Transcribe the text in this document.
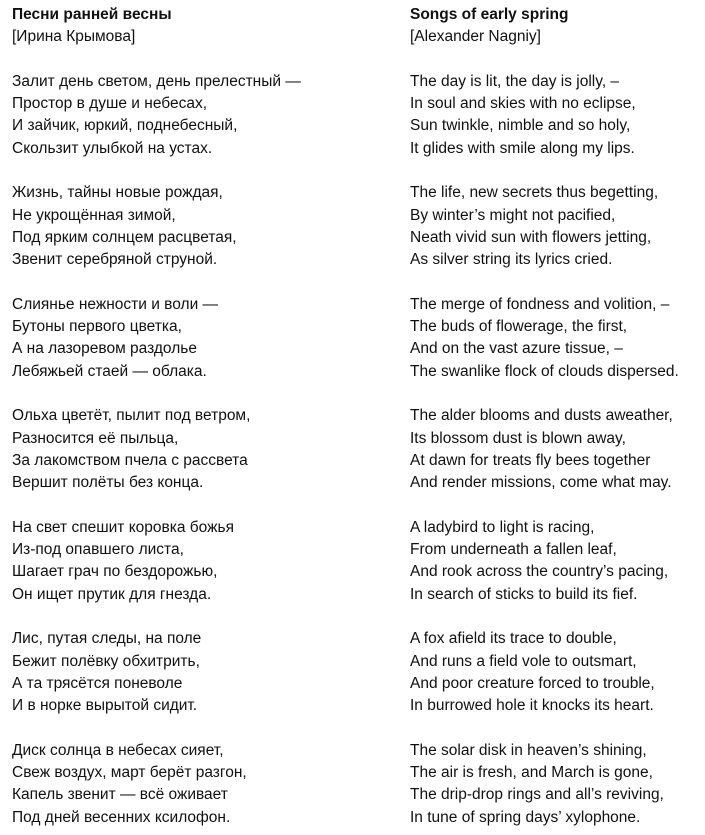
Песни ранней весны
[Ирина Крымова]
Залит день светом, день прелестный —
Простор в душе и небесах,
И зайчик, юркий, поднебесный,
Скользит улыбкой на устах.
Жизнь, тайны новые рождая,
Не укрощённая зимой,
Под ярким солнцем расцветая,
Звенит серебряной струной.
Слиянье нежности и воли —
Бутоны первого цветка,
А на лазоревом раздолье
Лебяжьей стаей — облака.
Ольха цветёт, пылит под ветром,
Разносится её пыльца,
За лакомством пчела с рассвета
Вершит полёты без конца.
На свет спешит коровка божья
Из-под опавшего листа,
Шагает грач по бездорожью,
Он ищет прутик для гнезда.
Лис, путая следы, на поле
Бежит полёвку обхитрить,
А та трясётся поневоле
И в норке вырытой сидит.
Диск солнца в небесах сияет,
Свеж воздух, март берёт разгон,
Капель звенит — всё оживает
Под дней весенних ксилофон.
Songs of early spring
[Alexander Nagniy]
The day is lit, the day is jolly, –
In soul and skies with no eclipse,
Sun twinkle, nimble and so holy,
It glides with smile along my lips.
The life, new secrets thus begetting,
By winter’s might not pacified,
Neath vivid sun with flowers jetting,
As silver string its lyrics cried.
The merge of fondness and volition, –
The buds of flowerage, the first,
And on the vast azure tissue, –
The swanlike flock of clouds dispersed.
The alder blooms and dusts aweather,
Its blossom dust is blown away,
At dawn for treats fly bees together
And render missions, come what may.
A ladybird to light is racing,
From underneath a fallen leaf,
And rook across the country’s pacing,
In search of sticks to build its fief.
A fox afield its trace to double,
And runs a field vole to outsmart,
And poor creature forced to trouble,
In burrowed hole it knocks its heart.
The solar disk in heaven’s shining,
The air is fresh, and March is gone,
The drip-drop rings and all’s reviving,
In tune of spring days’ xylophone.
